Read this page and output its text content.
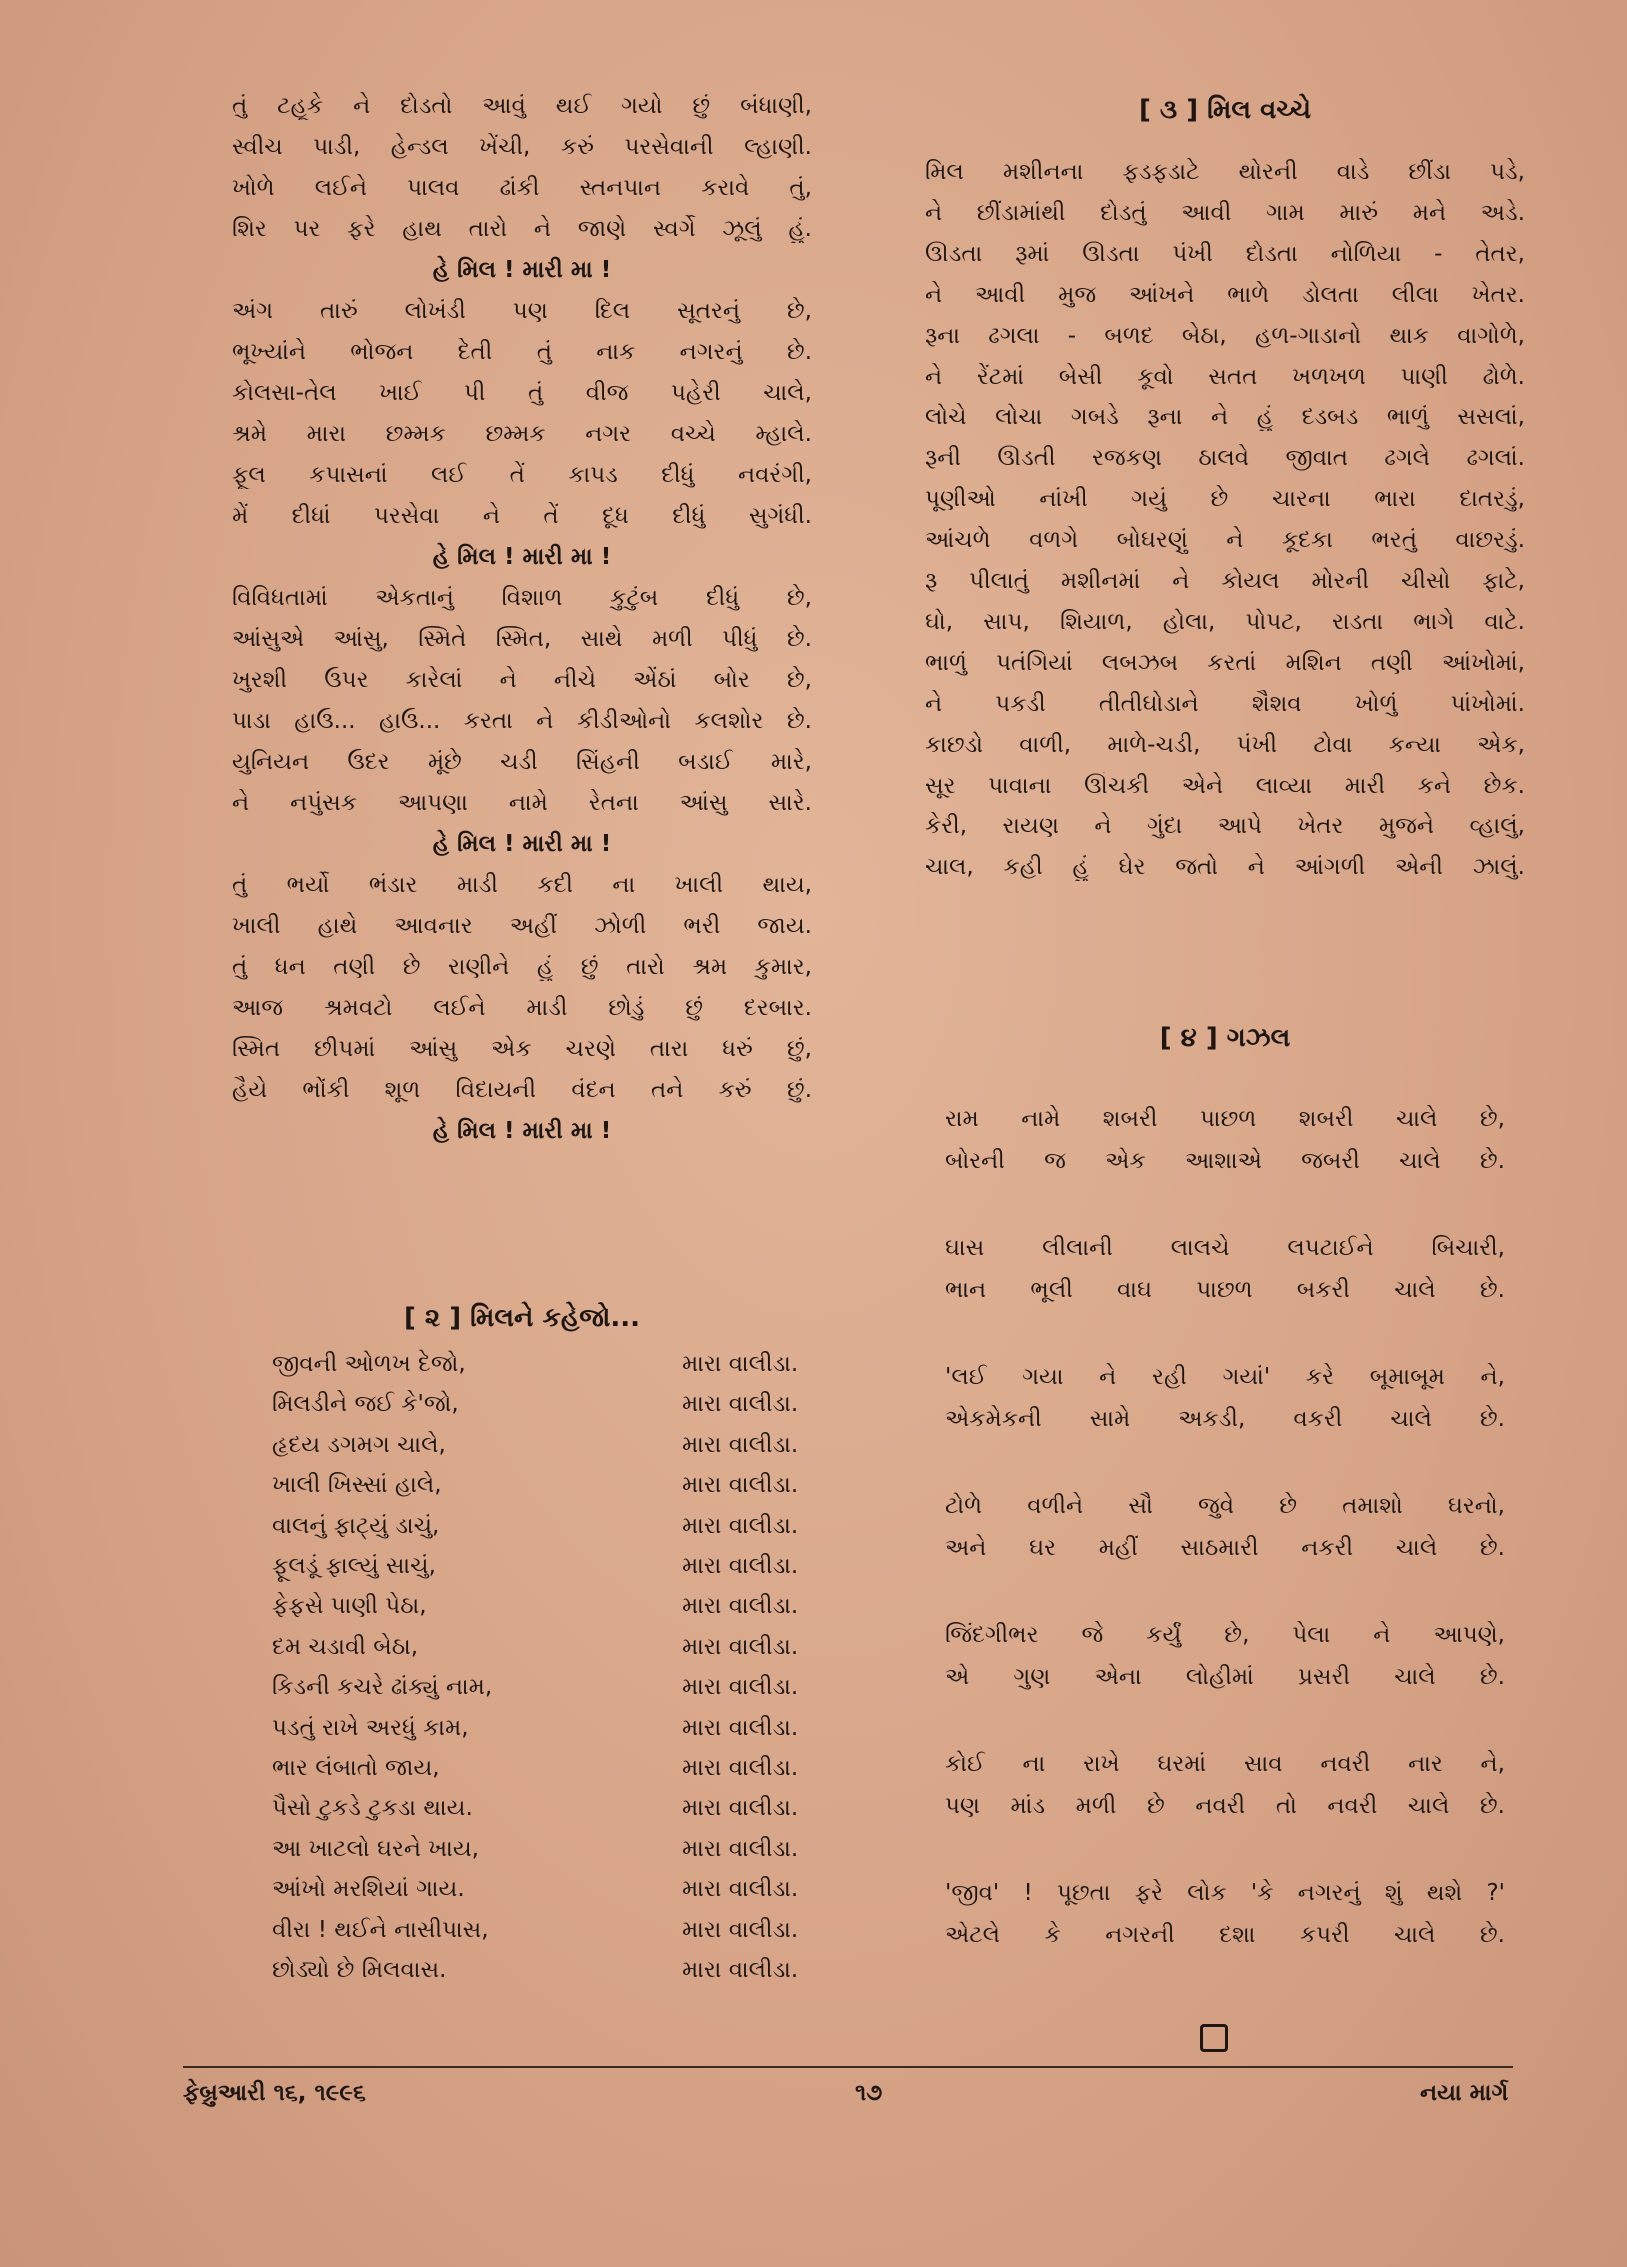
તું ટહૂકે ને દોડતો આવું થઈ ગયો છું બંધાણી,
સ્વીચ પાડી, હેન્ડલ ખેંચી, કરું પરસેવાની લ્હાણી.
ખોળે લઈને પાલવ ઢાંકી સ્તનપાન કરાવે તું,
શિર પર ફરે હાથ તારો ને જાણે સ્વર્ગે ઝૂલું હું.
હે મિલ ! મારી મા !
અંગ તારું લોખંડી પણ દિલ સૂતરનું છે,
ભૂખ્યાંને ભોજન દેતી તું નાક નગરનું છે.
કોલસા-તેલ ખાઈ પી તું વીજ પહેરી ચાલે,
શ્રમે મારા છમ્મક છમ્મક નગર વચ્ચે મ્હાલે.
ફૂલ કપાસનાં લઈ તેં કાપડ દીધું નવરંગી,
મેં દીધાં પરસેવા ને તેં દૂધ દીધું સુગંધી.
હે મિલ ! મારી મા !
વિવિધતામાં એકતાનું વિશાળ કુટુંબ દીધું છે,
આંસુએ આંસુ, સ્મિતે સ્મિત, સાથે મળી પીધું છે.
ખુરશી ઉપર કારેલાં ને નીચે એંઠાં બોર છે,
પાડા હાઉ... હાઉ... કરતા ને કીડીઓનો કલશોર છે.
યુનિયન ઉંદર મૂંછે ચડી સિંહની બડાઈ મારે,
ને નપુંસક આપણા નામે રેતના આંસુ સારે.
હે મિલ ! મારી મા !
તું ભર્યો ભંડાર માડી કદી ના ખાલી થાય,
ખાલી હાથે આવનાર અહીં ઝોળી ભરી જાય.
તું ધન તણી છે રાણીને હું છું તારો શ્રમ કુમાર,
આજ શ્રમવટો લઈને માડી છોડું છું દરબાર.
સ્મિત છીપમાં આંસુ એક ચરણે તારા ધરું છું,
હૈયે ભોંકી શૂળ વિદાયની વંદન તને કરું છું.
હે મિલ ! મારી મા !
[ ૨ ] મિલને કહેજો...
જીવની ઓળખ દેજો,	મારા વાલીડા.
મિલડીને જઈ કે'જો,	મારા વાલીડા.
હૃદય ડગમગ ચાલે,	મારા વાલીડા.
ખાલી ખિસ્સાં હાલે,	મારા વાલીડા.
વાલનું ફાટ્યું ડાચું,	મારા વાલીડા.
ફૂલડૂં ફાલ્યું સાચું,	મારા વાલીડા.
ફેફસે પાણી પેઠા,	મારા વાલીડા.
દમ ચડાવી બેઠા,	મારા વાલીડા.
કિડની કચરે ઢાંક્યું નામ,	મારા વાલીડા.
પડતું રાખે અરધું કામ,	મારા વાલીડા.
ભાર લંબાતો જાય,	મારા વાલીડા.
પૈસો ટુકડે ટુકડા થાય.	મારા વાલીડા.
આ ખાટલો ઘરને ખાય,	મારા વાલીડા.
આંખો મરશિયાં ગાય.	મારા વાલીડા.
વીરા ! થઈને નાસીપાસ,	મારા વાલીડા.
છોડ્યો છે મિલવાસ.	મારા વાલીડા.
[ ૩ ] મિલ વચ્ચે
મિલ મશીનના ફડફડાટે થોરની વાડે છીંડા પડે,
ને છીંડામાંથી દોડતું આવી ગામ મારું મને અડે.
ઊડતા રૂમાં ઊડતા પંખી દોડતા નોળિયા - તેતર,
ને આવી મુજ આંખને ભાળે ડોલતા લીલા ખેતર.
રૂના ઢગલા - બળદ બેઠા, હળ-ગાડાનો થાક વાગોળે,
ને રેંટમાં બેસી કૂવો સતત ખળખળ પાણી ઢોળે.
લોચે લોચા ગબડે રૂના ને હું દડબડ ભાળું સસલાં,
રૂની ઊડતી રજકણ ઠાલવે જીવાત ઢગલે ઢગલાં.
પૂણીઓ નાંખી ગયું છે ચારના ભારા દાતરડું,
આંચળે વળગે બોઘરણું ને કૂદકા ભરતું વાછરડું.
રૂ પીલાતું મશીનમાં ને કોયલ મોરની ચીસો ફાટે,
ઘો, સાપ, શિયાળ, હોલા, પોપટ, રાડતા ભાગે વાટે.
ભાળું પતંગિયાં લબઝબ કરતાં મશિન તણી આંખોમાં,
ને પકડી તીતીઘોડાને શૈશવ ખોળું પાંખોમાં.
કાછડો વાળી, માળે-ચડી, પંખી ટોવા કન્યા એક,
સૂર પાવાના ઊંચકી એને લાવ્યા મારી કને છેક.
કેરી, રાયણ ને ગુંદા આપે ખેતર મુજને વ્હાલું,
ચાલ, કહી હું ઘેર જતો ને આંગળી એની ઝાલું.
[ ૪ ] ગઝલ
રામ નામે શબરી પાછળ શબરી ચાલે છે,
બોરની જ એક આશાએ જબરી ચાલે છે.
ઘાસ લીલાની લાલચે લપટાઈને બિચારી,
ભાન ભૂલી વાઘ પાછળ બકરી ચાલે છે.
'લઈ ગયા ને રહી ગયાં' કરે બૂમાબૂમ ને,
એકમેકની સામે અકડી, વકરી ચાલે છે.
ટોળે વળીને સૌ જુવે છે તમાશો ઘરનો,
અને ઘર મહીં સાઠમારી નકરી ચાલે છે.
જિંદગીભર જે કર્યું છે, પેલા ને આપણે,
એ ગુણ એના લોહીમાં પ્રસરી ચાલે છે.
કોઈ ના રાખે ઘરમાં સાવ નવરી નાર ને,
પણ માંડ મળી છે નવરી તો નવરી ચાલે છે.
'જીવ' ! પૂછતા ફરે લોક 'કે નગરનું શું થશે ?'
એટલે કે નગરની દશા કપરી ચાલે છે.
ફેબ્રુઆરી ૧૬, ૧૯૯૬	૧૭	નયા માર્ગ
